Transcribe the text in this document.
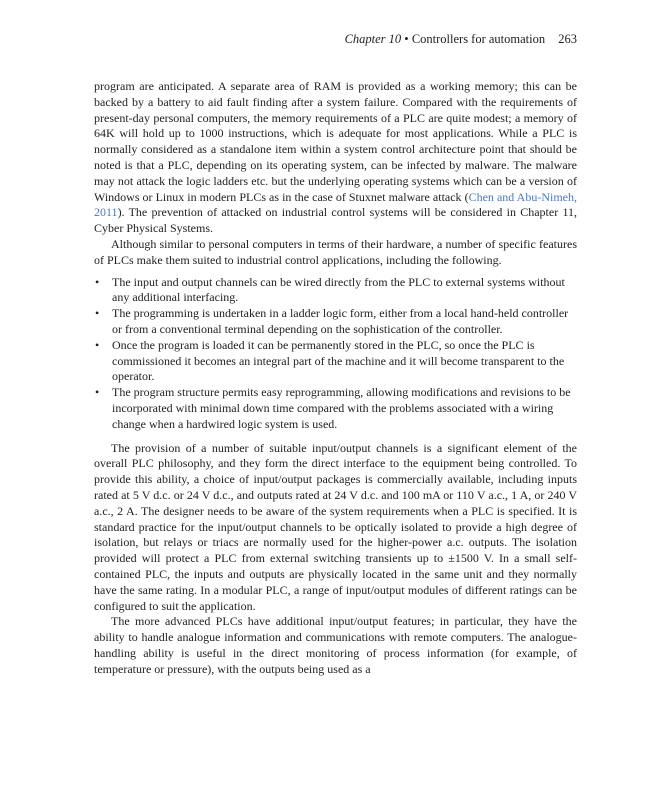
Chapter 10 • Controllers for automation 263

program are anticipated. A separate area of RAM is provided as a working memory; this can be backed by a battery to aid fault finding after a system failure. Compared with the requirements of present-day personal computers, the memory requirements of a PLC are quite modest; a memory of 64K will hold up to 1000 instructions, which is adequate for most applications. While a PLC is normally considered as a standalone item within a system control architecture point that should be noted is that a PLC, depending on its operating system, can be infected by malware. The malware may not attack the logic ladders etc. but the underlying operating systems which can be a version of Windows or Linux in modern PLCs as in the case of Stuxnet malware attack (Chen and Abu-Nimeh, 2011). The prevention of attacked on industrial control systems will be considered in Chapter 11, Cyber Physical Systems.

Although similar to personal computers in terms of their hardware, a number of specific features of PLCs make them suited to industrial control applications, including the following.

• The input and output channels can be wired directly from the PLC to external systems without any additional interfacing.
• The programming is undertaken in a ladder logic form, either from a local hand-held controller or from a conventional terminal depending on the sophistication of the controller.
• Once the program is loaded it can be permanently stored in the PLC, so once the PLC is commissioned it becomes an integral part of the machine and it will become transparent to the operator.
• The program structure permits easy reprogramming, allowing modifications and revisions to be incorporated with minimal down time compared with the problems associated with a wiring change when a hardwired logic system is used.

The provision of a number of suitable input/output channels is a significant element of the overall PLC philosophy, and they form the direct interface to the equipment being controlled. To provide this ability, a choice of input/output packages is commercially available, including inputs rated at 5 V d.c. or 24 V d.c., and outputs rated at 24 V d.c. and 100 mA or 110 V a.c., 1 A, or 240 V a.c., 2 A. The designer needs to be aware of the system requirements when a PLC is specified. It is standard practice for the input/output channels to be optically isolated to provide a high degree of isolation, but relays or triacs are normally used for the higher-power a.c. outputs. The isolation provided will protect a PLC from external switching transients up to ±1500 V. In a small self-contained PLC, the inputs and outputs are physically located in the same unit and they normally have the same rating. In a modular PLC, a range of input/output modules of different ratings can be configured to suit the application.

The more advanced PLCs have additional input/output features; in particular, they have the ability to handle analogue information and communications with remote computers. The analogue-handling ability is useful in the direct monitoring of process information (for example, of temperature or pressure), with the outputs being used as a
